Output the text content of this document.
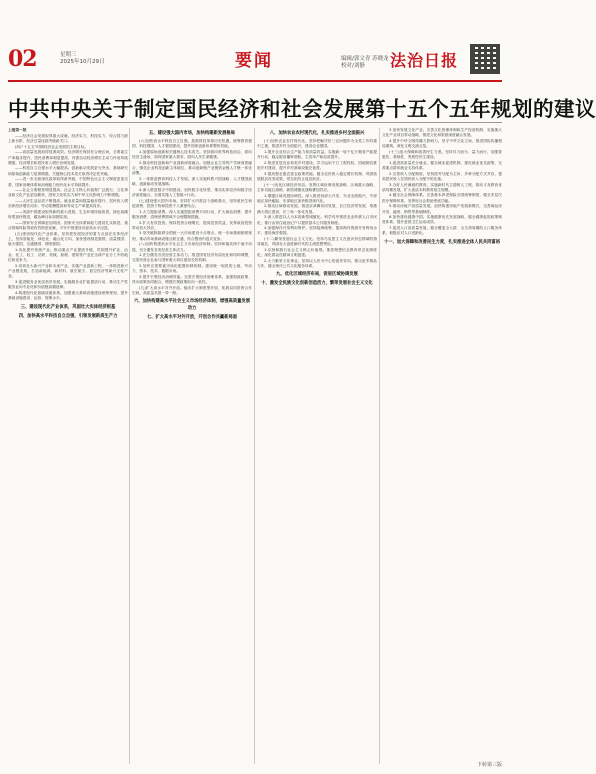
02	星期三
2025年10月29日	要闻	编辑/郭文青 苏晓龙
校对/刘静	法治日报
中共中央关于制定国民经济和社会发展第十五个五年规划的建议

上接第一版

——经济社会发展取得重大成就。经济实力、科技实力、综合国力跃上新台阶，经济总量连续突破新关口。

(四)“十五五”时期经济社会发展的主要目标。

——高质量发展取得显著成效。经济增长保持在合理区间，全要素生产率稳步提升，居民消费率明显提高，内需拉动经济增长主动力作用持续增强，经济增长和居民收入增长协调发展。

——科技自立自强水平大幅提高。创新驱动发展更为突出，基础研究和原始创新能力显著增强，关键核心技术攻关取得决定性突破。

——进一步全面深化改革取得新突破。中国特色社会主义制度更加完善，国家治理体系和治理能力现代化水平持续提升。

——社会文明程度明显提高。社会主义核心价值观广泛践行，文化事业和文化产业更加繁荣，国家文化软实力和中华文化影响力不断增强。

——人民生活品质不断提高。就业质量和数量稳步提升，居民收入增长和经济增长同步，劳动报酬提高和劳动生产率提高同步。

——美丽中国建设取得新的重大进展。生态环境持续改善，绿色低碳转型加快推进，碳达峰目标如期实现。

——国家安全屏障更加巩固。国家安全体系和能力建设扎实推进，重点领域风险得到有效防范化解，平安中国建设向更高水平迈进。

(五)建设现代化产业体系。坚持把发展经济的着力点放在实体经济上，坚持智能化、绿色化、融合化方向，加快建设制造强国、质量强国、航天强国、交通强国、网络强国。

1.优化提升传统产业。推动重点产业提质升级，巩固提升矿业、冶金、化工、轻工、纺织、机械、船舶、建筑等产业在全球产业分工中的地位和竞争力。

2.培育壮大新兴产业和未来产业。实施产业创新工程，一体推进新兴产业链发展，打造新能源、新材料、航空航天、低空经济等新兴支柱产业。

3.促进服务业优质高效发展。实施服务业扩能提质行动，推动生产性服务业向专业化和价值链高端延伸。

4.构建现代化基础设施体系。加强重大基础设施建设统筹规划，提升基础设施建设、运营、管理水平。

三、建设现代化产业体系，巩固壮大实体经济根基

四、加快高水平科技自立自强，引领发展新质生产力

五、建设强大国内市场，加快构建新发展格局

(六)加快高水平科技自立自强。抢抓科技革命历史机遇，统筹教育强国、科技强国、人才强国建设，提升国家创新体系整体效能。

1.加强原始创新和关键核心技术攻关。坚持面向世界科技前沿、面向经济主战场、面向国家重大需求、面向人民生命健康。

2.推动科技创新和产业创新深度融合。加强企业主导的产学研深度融合，强化企业科技创新主体地位，推动创新链产业链资金链人才链一体化部署。

3.一体推进教育科技人才发展。深入实施科教兴国战略、人才强国战略、创新驱动发展战略。

4.深入推进数字中国建设。加快数字化转型，推动实体经济和数字经济深度融合，全面实施人工智能+行动。

(七)建设强大国内市场。坚持扩大内需这个战略基点，坚持惠民生和促消费、投资于物和投资于人紧密结合。

1.大力提振消费。深入实施提振消费专项行动，扩大商品消费，提升服务消费，清理消费领域不合理限制措施。

2.扩大有效投资。保持投资合理增长，提高投资效益，发挥政府投资带动放大效应。

3.坚决破除阻碍全国统一大市场建设卡点堵点。统一市场基础制度规则，推动市场基础设施互联互通，综合整治内卷式竞争。

(八)加快构建高水平社会主义市场经济体制。坚持和落实两个毫不动摇，充分激发各类经营主体活力。

1.充分激发各类经营主体活力。推进国有经济布局优化和结构调整，完善民营企业参与国家重大项目建设长效机制。

2.加快完善要素市场化配置体制机制。建设统一规范的土地、劳动力、资本、技术、数据市场。

3.提升宏观经济治理效能。完善宏观经济治理体系，加强财政政策、货币政策协同配合，增强宏观政策取向一致性。

(九)扩大高水平对外开放。稳步扩大制度型开放，拓展双向投资合作空间，高质量共建一带一路。

六、加快构建高水平社会主义市场经济体制，增强高质量发展动力

七、扩大高水平对外开放，开创合作共赢新局面

八、加快农业农村现代化，扎实推进乡村全面振兴

(十)加快农业农村现代化。坚持把解决好三农问题作为全党工作的重中之重，推进乡村全面振兴，建设农业强国。

1.提升农业综合生产能力和质量效益。实施新一轮千亿斤粮食产能提升行动，稳定粮食播种面积，主攻单产和品质提升。

2.推进宜居宜业和美乡村建设。学习运用千万工程经验，因地制宜推进乡村建设，提升乡村基础设施完备度。

3.提高强农惠农富农政策效能。健全农民收入稳定增长机制，巩固拓展脱贫攻坚成果，常态化防止返贫致贫。

(十一)优化区域经济布局。发挥区域协调发展战略、区域重大战略、主体功能区战略、新型城镇化战略叠加效应。

1.增强区域发展协调性。深入推进西部大开发、东北全面振兴、中部地区加快崛起、东部地区加快推进现代化。

2.推动区域联动发展。推进京津冀协同发展、长江经济带发展、粤港澳大湾区建设、长三角一体化发展。

3.深入推进以人为本的新型城镇化。科学有序推进农业转移人口市民化，推行由常住地登记户口提供基本公共服务制度。

4.加强海洋开发利用保护。坚持陆海统筹，提高海洋资源开发利用水平，建设海洋强国。

(十二)繁荣发展社会主义文化。坚持马克思主义在意识形态领域的指导地位，巩固壮大奋进新时代的主流思想舆论。

1.弘扬和践行社会主义核心价值观。推进理想信念教育常态化制度化，深化群众性精神文明创建。

2.大力繁荣文化事业。坚持以人民为中心的创作导向，推出更多精品力作，健全现代公共文化服务体系。

九、优化区域经济布局，促进区域协调发展

十、激发全民族文化创新创造活力，繁荣发展社会主义文化

3.加快发展文化产业。完善文化管理体制和生产经营机制，实施重大文化产业项目带动战略，推进文化和旅游深度融合发展。

4.提升中华文明传播力影响力。坚守中华文化立场，推进国际传播格局重构，深化文明交流互鉴。

(十三)加大保障和改善民生力度。坚持尽力而为、量力而行，加强普惠性、基础性、兜底性民生建设。

1.促进高质量充分就业。健全就业促进机制，强化就业优先政策，完善重点群体就业支持体系。

2.完善收入分配制度。坚持按劳分配为主体、多种分配方式并存，提高居民收入在国民收入分配中的比重。

3.办好人民满意的教育。实施新时代立德树人工程，推动义务教育优质均衡发展，扩大优质本科教育招生规模。

4.健全社会保障体系。完善基本养老保险全国统筹制度，健全多层次医疗保障体系，发挥好社会救助兜底功能。

5.推动房地产高质量发展。加快构建房地产发展新模式，完善商品房开发、融资、销售等基础制度。

6.加快建设健康中国。实施健康优先发展战略，健全健康促进政策制度体系，提升爱国卫生运动成效。

7.促进人口高质量发展。健全覆盖全人群、全生命周期的人口服务体系，积极应对人口老龄化。

十一、加大保障和改善民生力度，扎实推进全体人民共同富裕

下转第三版
